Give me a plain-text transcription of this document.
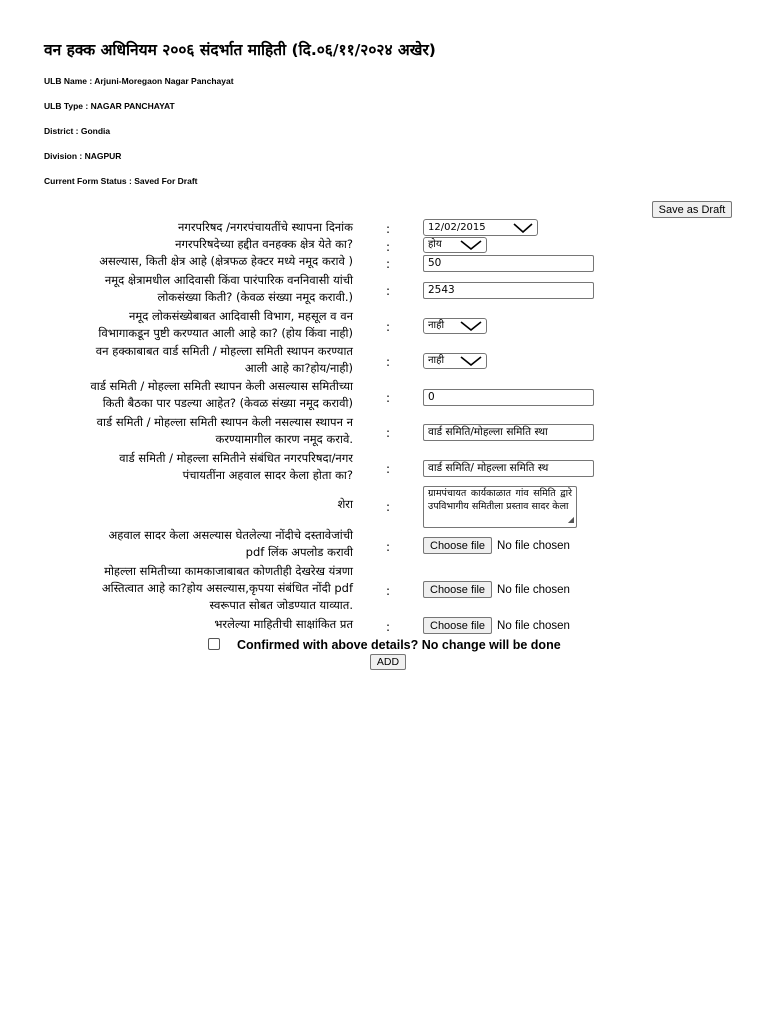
वन हक्क अधिनियम २००६ संदर्भात माहिती (दि.०६/११/२०२४ अखेर)
ULB Name : Arjuni-Moregaon Nagar Panchayat
ULB Type : NAGAR PANCHAYAT
District : Gondia
Division : NAGPUR
Current Form Status : Saved For Draft
Save as Draft
नगरपरिषद /नगरपंचायतींचे स्थापना दिनांक	:	12/02/2015
नगरपरिषदेच्या हद्दीत वनहक्क क्षेत्र येते का?	:	होय
असल्यास, किती क्षेत्र आहे (क्षेत्रफळ हेक्टर मध्ये नमूद करावे )	:	50
नमूद क्षेत्रामधील आदिवासी किंवा पारंपारिक वननिवासी यांची
लोकसंख्या किती? (केवळ संख्या नमूद करावी.)	:	2543
नमूद लोकसंख्येबाबत आदिवासी विभाग, महसूल व वन
विभागाकडून पुष्टी करण्यात आली आहे का? (होय किंवा नाही)	:	नाही
वन हक्काबाबत वार्ड समिती / मोहल्ला समिती स्थापन करण्यात
आली आहे का?होय/नाही)	:	नाही
वार्ड समिती / मोहल्ला समिती स्थापन केली असल्यास समितीच्या
किती बैठका पार पडल्या आहेत? (केवळ संख्या नमूद करावी)	:	0
वार्ड समिती / मोहल्ला समिती स्थापन केली नसल्यास स्थापन न
करण्यामागील कारण नमूद करावे.	:	वार्ड समिति/मोहल्ला समिति स्था
वार्ड समिती / मोहल्ला समितीने संबंधित नगरपरिषदा/नगर
पंचायतींना अहवाल सादर केला होता का?	:	वार्ड समिति/ मोहल्ला समिति स्थ
शेरा	:
ग्रामपंचायत कार्यकाळात गांव समिति द्वारे उपविभागीय समितीला प्रस्ताव सादर केला
◢
अहवाल सादर केला असल्यास घेतलेल्या नोंदीचे दस्तावेजांची
pdf लिंक अपलोड करावी	:	Choose file	No file chosen
मोहल्ला समितीच्या कामकाजाबाबत कोणतीही देखरेख यंत्रणा
अस्तित्वात आहे का?होय असल्यास,कृपया संबंधित नोंदी pdf
स्वरूपात सोबत जोडण्यात याव्यात.
:	Choose file	No file chosen
भरलेल्या माहितीची साक्षांकित प्रत	:	Choose file	No file chosen
Confirmed with above details? No change will be done
ADD
